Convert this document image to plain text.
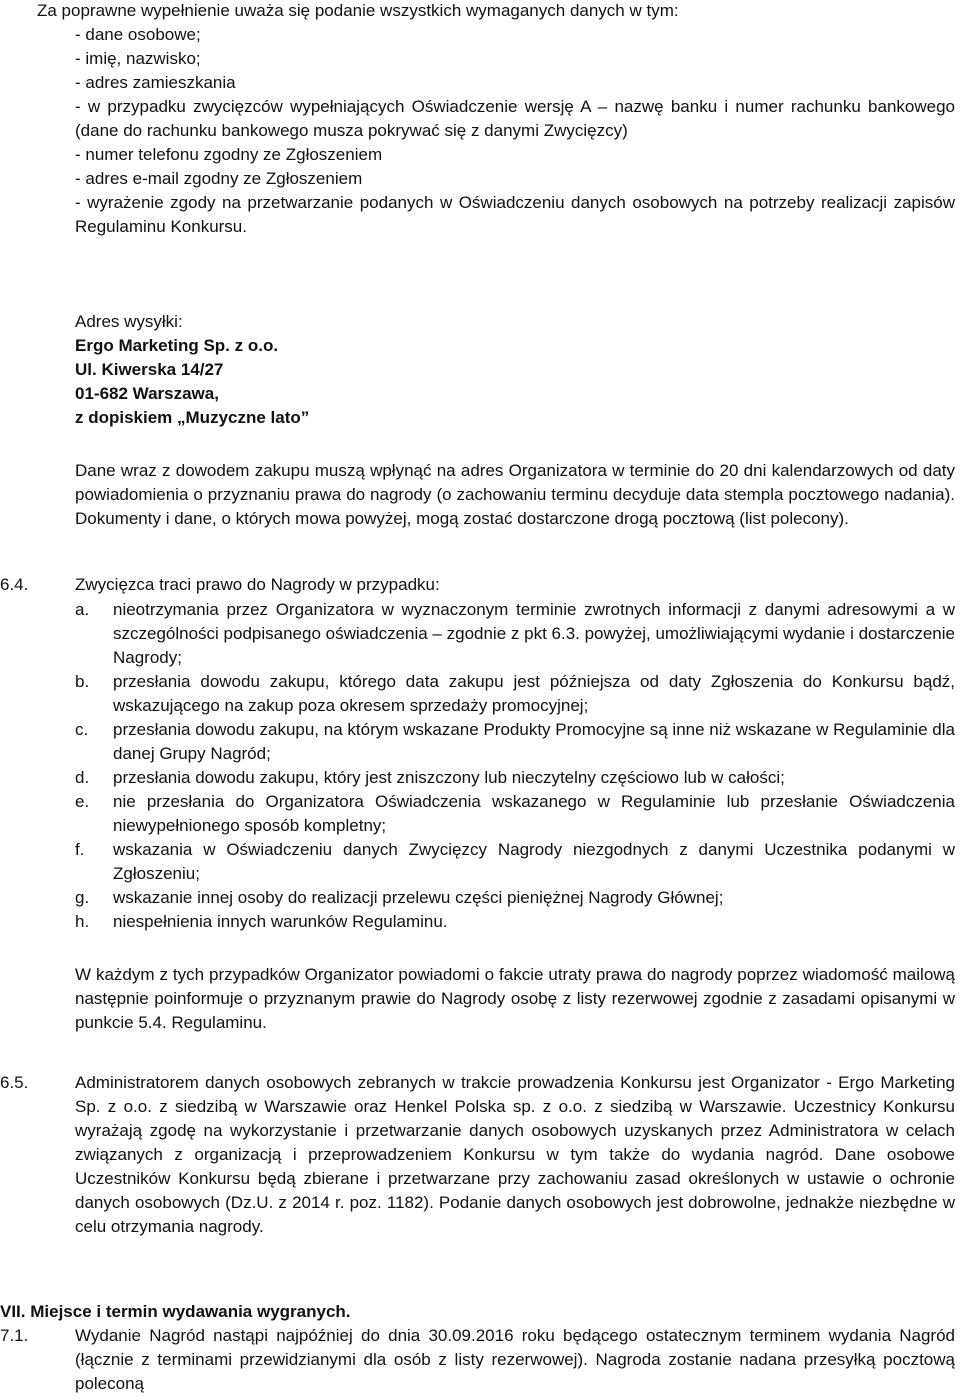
Za poprawne wypełnienie uważa się podanie wszystkich wymaganych danych w tym:
- dane osobowe;
- imię, nazwisko;
- adres zamieszkania
- w przypadku zwycięzców wypełniających Oświadczenie wersję A – nazwę banku i numer rachunku bankowego (dane do rachunku bankowego musza pokrywać się z danymi Zwycięzcy)
- numer telefonu zgodny ze Zgłoszeniem
- adres e-mail zgodny ze Zgłoszeniem
- wyrażenie zgody na przetwarzanie podanych w Oświadczeniu danych osobowych na potrzeby realizacji zapisów Regulaminu Konkursu.
Adres wysyłki:
Ergo Marketing Sp. z o.o.
Ul. Kiwerska 14/27
01-682 Warszawa,
z dopiskiem „Muzyczne lato”
Dane wraz z dowodem zakupu muszą wpłynąć na adres Organizatora w terminie do 20 dni kalendarzowych od daty powiadomienia o przyznaniu prawa do nagrody (o zachowaniu terminu decyduje data stempla pocztowego nadania). Dokumenty i dane, o których mowa powyżej, mogą zostać dostarczone drogą pocztową (list polecony).
6.4.	Zwycięzca traci prawo do Nagrody w przypadku:
a. nieotrzymania przez Organizatora w wyznaczonym terminie zwrotnych informacji z danymi adresowymi a w szczególności podpisanego oświadczenia – zgodnie z pkt 6.3. powyżej, umożliwiającymi wydanie i dostarczenie Nagrody;
b. przesłania dowodu zakupu, którego data zakupu jest późniejsza od daty Zgłoszenia do Konkursu bądź, wskazującego na zakup poza okresem sprzedaży promocyjnej;
c. przesłania dowodu zakupu, na którym wskazane Produkty Promocyjne są inne niż wskazane w Regulaminie dla danej Grupy Nagród;
d. przesłania dowodu zakupu, który jest zniszczony lub nieczytelny częściowo lub w całości;
e. nie przesłania do Organizatora Oświadczenia wskazanego w Regulaminie lub przesłanie Oświadczenia niewypełnionego sposób kompletny;
f. wskazania w Oświadczeniu danych Zwycięzcy Nagrody niezgodnych z danymi Uczestnika podanymi w Zgłoszeniu;
g. wskazanie innej osoby do realizacji przelewu części pieniężnej Nagrody Głównej;
h. niespełnienia innych warunków Regulaminu.
W każdym z tych przypadków Organizator powiadomi o fakcie utraty prawa do nagrody poprzez wiadomość mailową następnie poinformuje o przyznanym prawie do Nagrody osobę z listy rezerwowej zgodnie z zasadami opisanymi w punkcie 5.4. Regulaminu.
6.5.	Administratorem danych osobowych zebranych w trakcie prowadzenia Konkursu jest Organizator - Ergo Marketing Sp. z o.o. z siedzibą w Warszawie oraz Henkel Polska sp. z o.o. z siedzibą w Warszawie. Uczestnicy Konkursu wyrażają zgodę na wykorzystanie i przetwarzanie danych osobowych uzyskanych przez Administratora w celach związanych z organizacją i przeprowadzeniem Konkursu w tym także do wydania nagród. Dane osobowe Uczestników Konkursu będą zbierane i przetwarzane przy zachowaniu zasad określonych w ustawie o ochronie danych osobowych (Dz.U. z 2014 r. poz. 1182). Podanie danych osobowych jest dobrowolne, jednakże niezbędne w celu otrzymania nagrody.
VII. Miejsce i termin wydawania wygranych.
7.1.	Wydanie Nagród nastąpi najpóźniej do dnia 30.09.2016 roku będącego ostatecznym terminem wydania Nagród (łącznie z terminami przewidzianymi dla osób z listy rezerwowej). Nagroda zostanie nadana przesyłką pocztową poleconą
